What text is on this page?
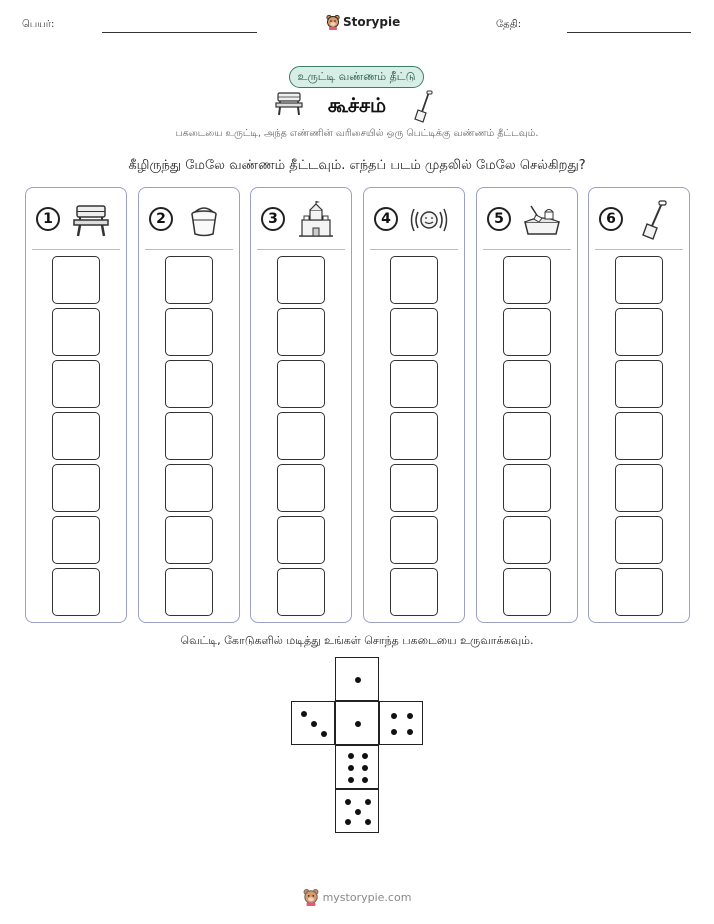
பெயர்:	Storypie	தேதி:
உருட்டி வண்ணம் தீட்டு
கூச்சம்
பகடையை உருட்டி, அந்த எண்ணின் வரிசையில் ஒரு பெட்டிக்கு வண்ணம் தீட்டவும்.
கீழிருந்து மேலே வண்ணம் தீட்டவும். எந்தப் படம் முதலில் மேலே செல்கிறது?
1	2	3	4	5	6
வெட்டி, கோடுகளில் மடித்து உங்கள் சொந்த பகடையை உருவாக்கவும்.
mystorypie.com
